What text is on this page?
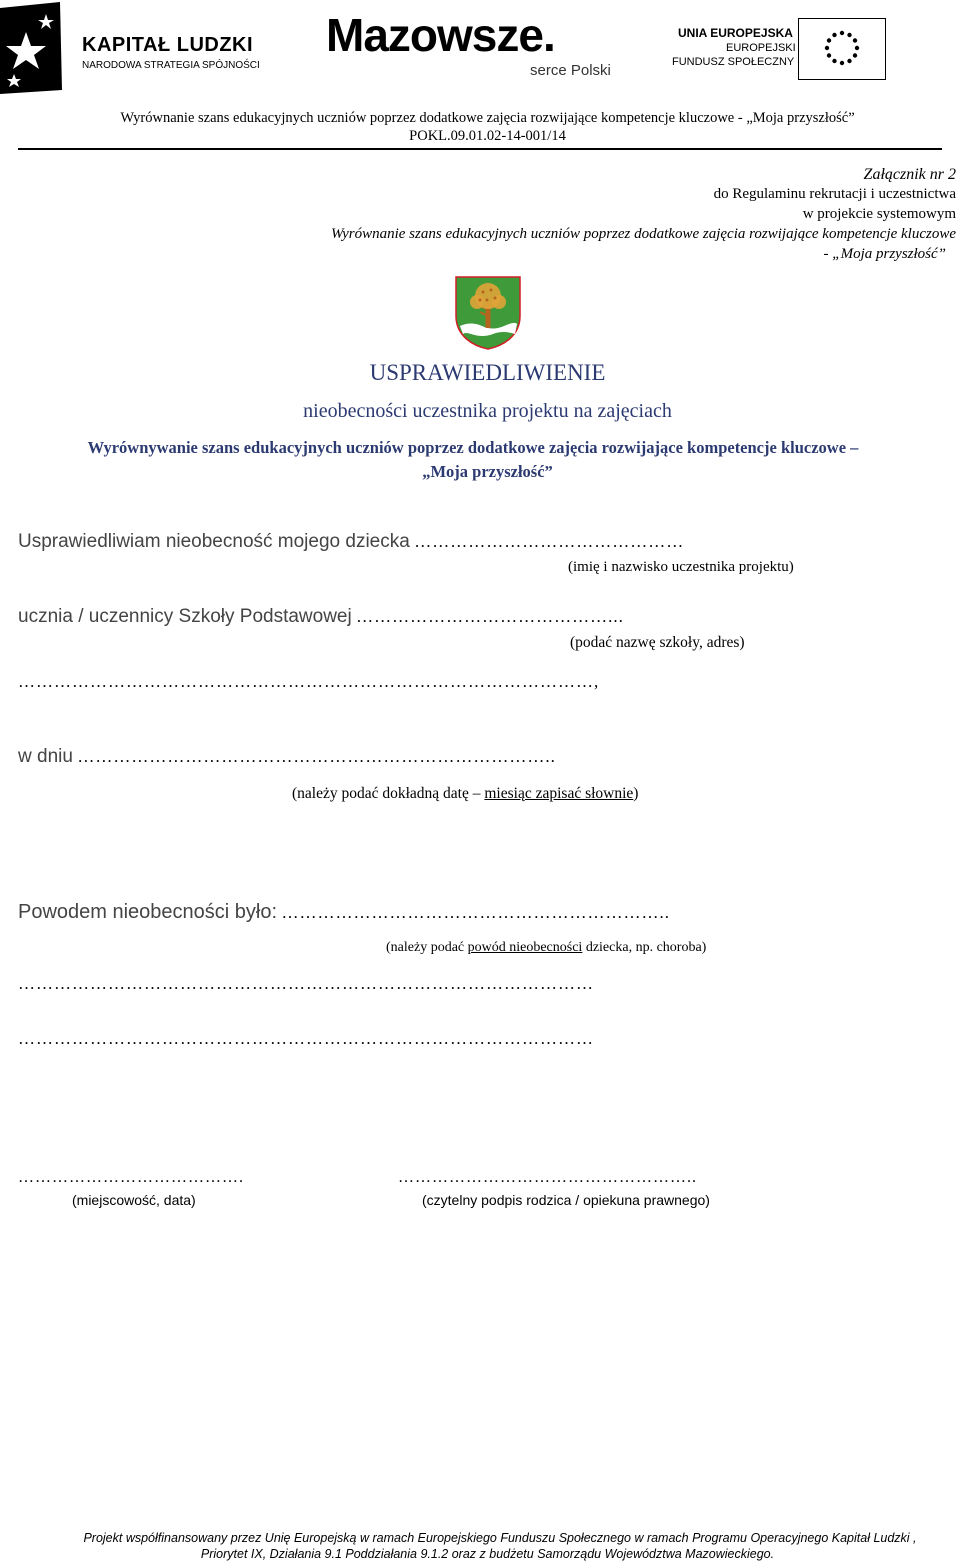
KAPITAŁ LUDZKI
NARODOWA STRATEGIA SPÓJNOŚCI
Mazowsze.
serce Polski
UNIA EUROPEJSKA
EUROPEJSKI
FUNDUSZ SPOŁECZNY
Wyrównanie szans edukacyjnych uczniów poprzez dodatkowe zajęcia rozwijające kompetencje kluczowe - „Moja przyszłość”
POKL.09.01.02-14-001/14
Załącznik nr 2
do Regulaminu rekrutacji i uczestnictwa
w projekcie systemowym
Wyrównanie szans edukacyjnych uczniów poprzez dodatkowe zajęcia rozwijające kompetencje kluczowe
- „Moja przyszłość”
USPRAWIEDLIWIENIE
nieobecności uczestnika projektu na zajęciach
Wyrównywanie szans edukacyjnych uczniów poprzez dodatkowe zajęcia rozwijające kompetencje kluczowe –
„Moja przyszłość”
Usprawiedliwiam nieobecność mojego dziecka ………………………………………
(imię i nazwisko uczestnika projektu)
ucznia / uczennicy Szkoły Podstawowej ……………………………………...
(podać nazwę szkoły, adres)
……………………………………………………………………………………,
w dniu ……………………………………………………………………..
(należy podać dokładną datę – miesiąc zapisać słownie)
Powodem nieobecności było: ………………………………………………………..
(należy podać powód nieobecności dziecka, np. choroba)
……………………………………………………………………………………
……………………………………………………………………………………
………………………………….
(miejscowość, data)
……………………………………………..
(czytelny podpis rodzica / opiekuna prawnego)
Projekt współfinansowany przez Unię Europejską w ramach Europejskiego Funduszu Społecznego w ramach Programu Operacyjnego Kapitał Ludzki ,
Priorytet IX, Działania 9.1 Poddziałania 9.1.2 oraz z budżetu Samorządu Województwa Mazowieckiego.
